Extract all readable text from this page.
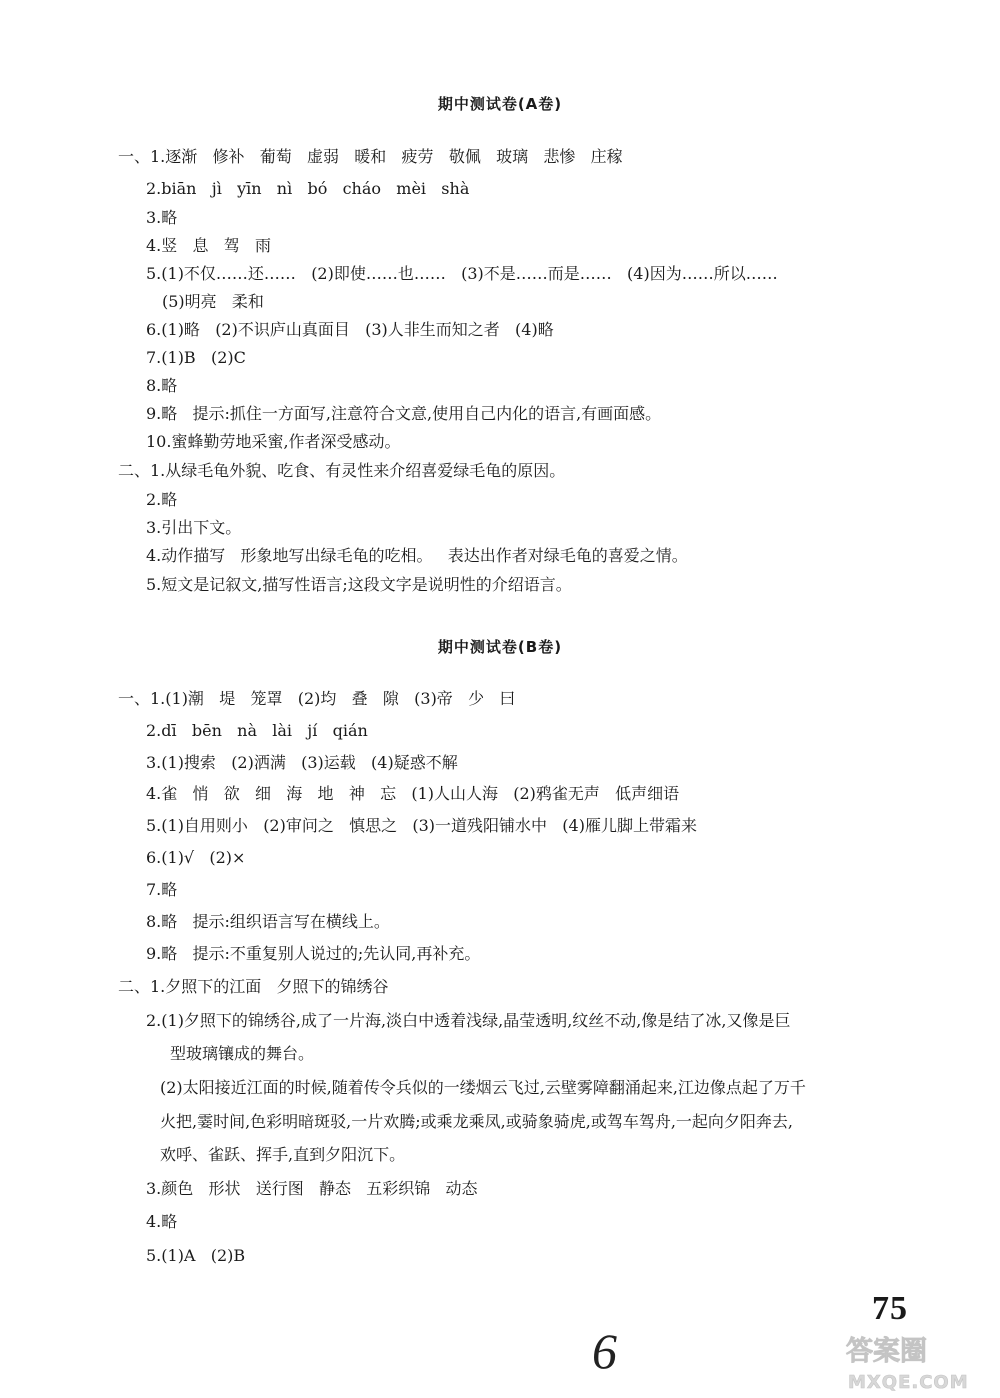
期中测试卷(A卷)
一、1.逐渐   修补   葡萄   虚弱   暖和   疲劳   敬佩   玻璃   悲惨   庄稼
2.biān   jì   yīn   nì   bó   cháo   mèi   shà
3.略
4.竖   息   驾   雨
5.(1)不仅……还……   (2)即使……也……   (3)不是……而是……   (4)因为……所以……
(5)明亮   柔和
6.(1)略   (2)不识庐山真面目   (3)人非生而知之者   (4)略
7.(1)B   (2)C
8.略
9.略   提示:抓住一方面写,注意符合文意,使用自己内化的语言,有画面感。
10.蜜蜂勤劳地采蜜,作者深受感动。
二、1.从绿毛龟外貌、吃食、有灵性来介绍喜爱绿毛龟的原因。
2.略
3.引出下文。
4.动作描写   形象地写出绿毛龟的吃相。   表达出作者对绿毛龟的喜爱之情。
5.短文是记叙文,描写性语言;这段文字是说明性的介绍语言。
期中测试卷(B卷)
一、1.(1)潮   堤   笼罩   (2)均   叠   隙   (3)帝   少   曰
2.dī   bēn   nà   lài   jí   qián
3.(1)搜索   (2)洒满   (3)运载   (4)疑惑不解
4.雀   悄   欲   细   海   地   神   忘   (1)人山人海   (2)鸦雀无声   低声细语
5.(1)自用则小   (2)审问之   慎思之   (3)一道残阳铺水中   (4)雁儿脚上带霜来
6.(1)√   (2)×
7.略
8.略   提示:组织语言写在横线上。
9.略   提示:不重复别人说过的;先认同,再补充。
二、1.夕照下的江面   夕照下的锦绣谷
2.(1)夕照下的锦绣谷,成了一片海,淡白中透着浅绿,晶莹透明,纹丝不动,像是结了冰,又像是巨
型玻璃镶成的舞台。
(2)太阳接近江面的时候,随着传令兵似的一缕烟云飞过,云壁雾障翻涌起来,江边像点起了万千
火把,霎时间,色彩明暗斑驳,一片欢腾;或乘龙乘凤,或骑象骑虎,或驾车驾舟,一起向夕阳奔去,
欢呼、雀跃、挥手,直到夕阳沉下。
3.颜色   形状   送行图   静态   五彩织锦   动态
4.略
5.(1)A   (2)B
75
6	答案圈
MXQE.COM
